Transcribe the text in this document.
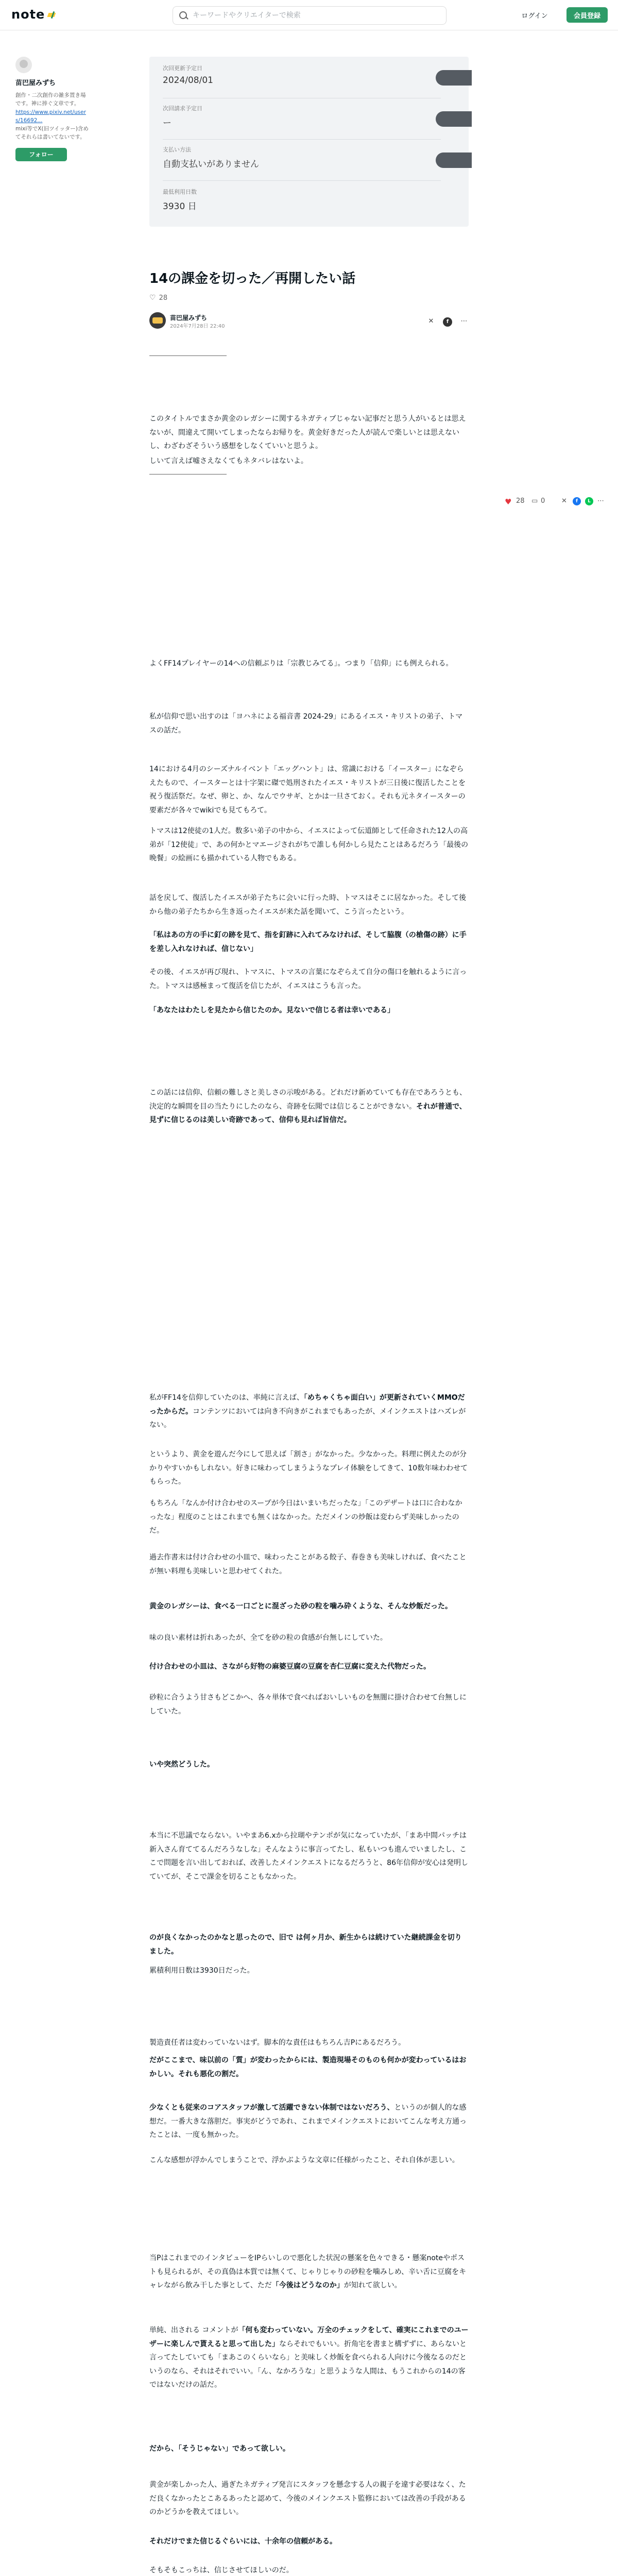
note
キーワードやクリエイターで検索	ログイン	会員登録
苗巴屋みずち
創作・二次創作の雑多置き場です。神に捧ぐ文章です。
https://www.pixiv.net/users/16692...
mixi等でX(旧ツイッター)含めてそれらは書いてないです。
フォロー
次回更新予定日
2024/08/01
次回請求予定日
ー
支払い方法
自動支払いがありません
最低利用日数
3930 日
14の課金を切った／再開したい話
♡ 28
苗巴屋みずち
2024年7月28日 22:40
✕ f ⋯
♥ 28 ▭ 0 ✕	f	L	⋯

このタイトルでまさか黄金のレガシーに関するネガティブじゃない記事だと思う人がいるとは思えないが、間違えて開いてしまったならお帰りを。黄金好きだった人が読んで楽しいとは思えないし、わざわざそういう感想をしなくていいと思うよ。

しいて言えば嘘さえなくてもネタバレはないよ。

よくFF14プレイヤーの14への信頼ぶりは「宗教じみてる」。つまり「信仰」にも例えられる。

私が信仰で思い出すのは「ヨハネによる福音書 2024-29」にあるイエス・キリストの弟子、トマスの話だ。

14における4月のシーズナルイベント「エッグハント」は、常識における「イースター」になぞらえたもので、イースターとは十字架に磔で処刑されたイエス・キリストが三日後に復活したことを祝う復活祭だ。なぜ、卵と、か、なんでウサギ、とかは一旦さておく。それも元ネタイースターの要素だが各々でwikiでも見てもろて。

トマスは12使徒の1人だ。数多い弟子の中から、イエスによって伝道師として任命された12人の高弟が「12使徒」で、あの何かとマエージされがちで誰しも何かしら見たことはあるだろう「最後の晩餐」の絵画にも描かれている人物でもある。

話を戻して、復活したイエスが弟子たちに会いに行った時、トマスはそこに居なかった。そして後から他の弟子たちから生き返ったイエスが来た話を聞いて、こう言ったという。

「私はあの方の手に釘の跡を見て、指を釘跡に入れてみなければ、そして脇腹（の槍傷の跡）に手を差し入れなければ、信じない」

その後、イエスが再び現れ、トマスに、トマスの言葉になぞらえて自分の傷口を触れるように言った。トマスは感極まって復活を信じたが、イエスはこうも言った。

「あなたはわたしを見たから信じたのか。見ないで信じる者は幸いである」

この話には信仰、信頼の難しさと美しさの示唆がある。どれだけ新めていても存在であろうとも、決定的な瞬間を目の当たりにしたのなら、奇跡を伝聞では信じることができない。それが普通で、見ずに信じるのは美しい奇跡であって、信仰も見れば旨信だ。

私がFF14を信仰していたのは、率純に言えば、「めちゃくちゃ面白い」が更新されていくMMOだったからだ。コンテンツにおいては向き不向きがこれまでもあったが、メインクエストはハズレがない。

というより、黄金を遊んだ今にして思えば「割さ」がなかった。少なかった。料理に例えたのが分かりやすいかもしれない。好きに味わってしまうようなプレイ体験をしてきて、10数年味わわせてもらった。

もちろん「なんか付け合わせのスープが今日はいまいちだったな」「このデザートは口に合わなかったな」程度のことはこれまでも無くはなかった。ただメインの炒飯は変わらず美味しかったのだ。

過去作書末は付け合わせの小皿で、味わったことがある餃子、春巻きも美味しければ、食べたことが無い料理も美味しいと思わせてくれた。

黄金のレガシーは、食べる一口ごとに混ざった砂の粒を噛み砕くような、そんな炒飯だった。

味の良い素材は折れあったが、全てを砂の粒の食感が台無しにしていた。

付け合わせの小皿は、さながら好物の麻婆豆腐の豆腐を杏仁豆腐に変えた代物だった。

砂粒に合うよう甘さもどこかへ、各々単体で食べればおいしいものを無闇に掛け合わせて台無しにしていた。

いや突然どうした。

本当に不思議でならない。いやまあ6.xから拉瑚やテンポが気になっていたが、「まあ中間パッチは新入さん育ててるんだろうなしな」そんなように事言ってたし、私もいつも進んでいましたし、ここで問題を言い出しておれば、改善したメインクエストになるだろうと、86年信仰が安心は発明していてが、そこで課金を切ることもなかった。

のが良くなかったのかなと思ったので、旧で は何ヶ月か、新生からは続けていた継続課金を切りました。

累積利用日数は3930日だった。

製造責任者は変わっていないはず。脚本的な責任はもちろん吉Pにあるだろう。

だがここまで、味以前の「質」が変わったからには、製造現場そのものも何かが変わっているはおかしい。それも悪化の割だ。

少なくとも従来のコアスタッフが激して活躍できない体制ではないだろう、というのが個人的な感想だ。一番大きな落胆だ。事実がどうであれ、これまでメインクエストにおいてこんな考え方通ったことは、一度も無かった。

こんな感想が浮かんでしまうことで、浮かぶような文章に任様がったこと、それ自体が悲しい。

当PはこれまでのインタビューをIPらいしので悪化した状況の懸案を色々できる・懸案noteやポストも見られるが、その真偽は本質では無くて、じゃりじゃりの砂粒を噛みしめ、辛い舌に豆腐をキャレながら飲み干した事として、ただ「今後はどうなのか」が知れて欲しい。

単純、出される コメントが「何も変わっていない。万全のチェックをして、確実にこれまでのユーザーに楽しんで貰えると思って出した」ならそれでもいい。折角宅を書まと構ずずに、あらないと言ってたしていても「まあこのくらいなら」と美味しく炒飯を食べられる人向けに今後なるのだというのなら、それはそれでいい。「ん、なかろうな」と思うような人間は、もうこれからの14の客ではないだけの話だ。

だから、「そうじゃない」であって欲しい。

黄金が楽しかった人、過ぎたネガティブ発言にスタッフを懸念する人の親子を違す必要はなく、ただ良くなかったとこあるあったと認めて、今後のメインクエスト監修においては改善の手段があるのかどうかを教えてほしい。

それだけでまた信じるぐらいには、十余年の信頼がある。

そもそもこっちは、信じさせてほしいのだ。
